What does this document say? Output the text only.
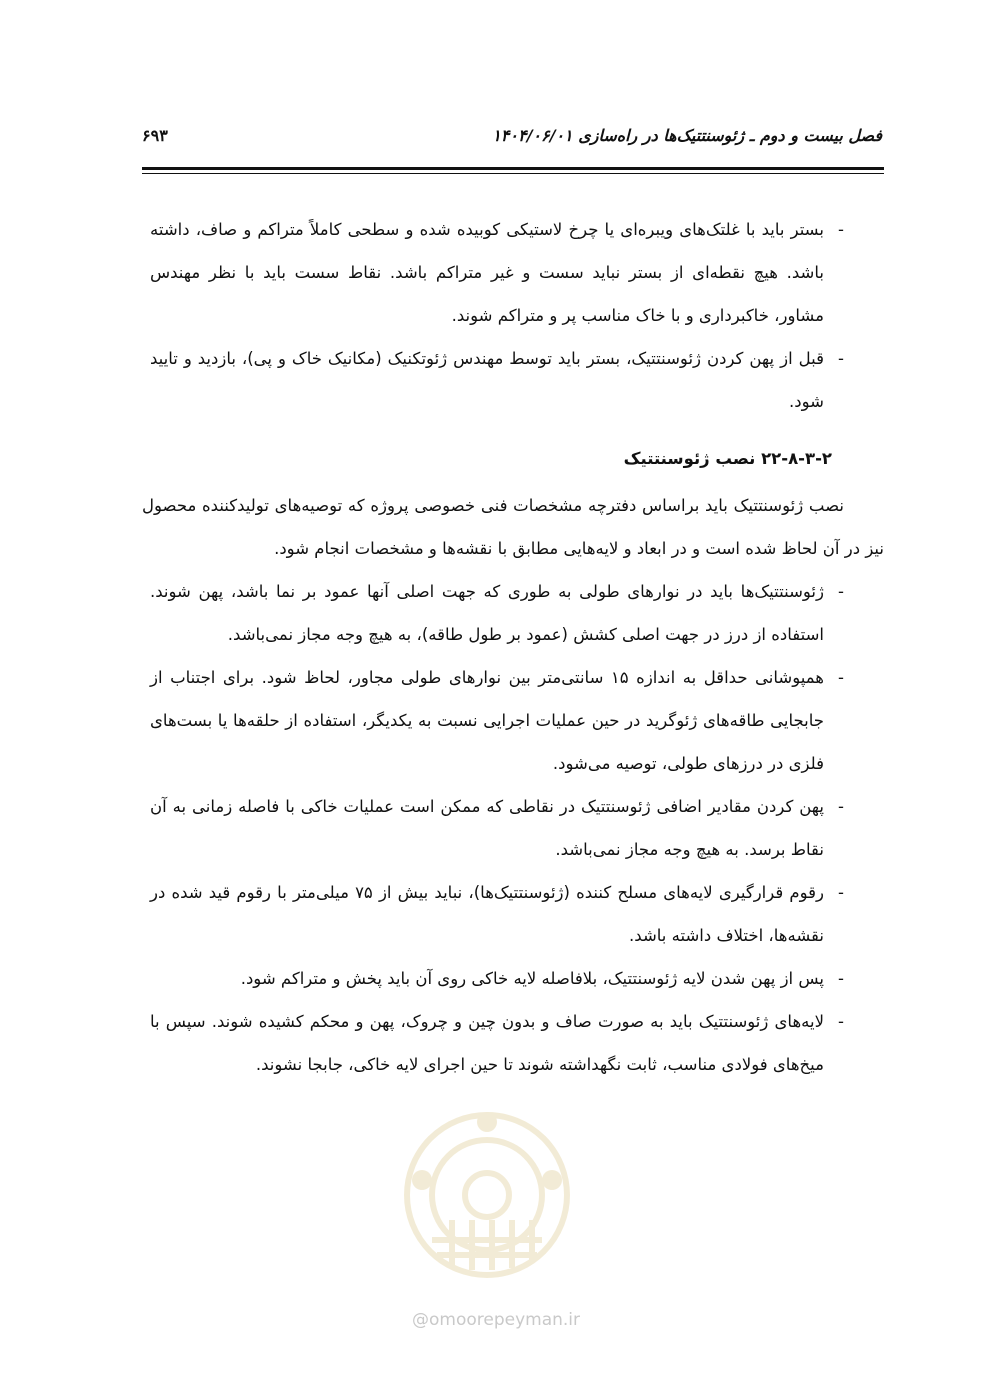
فصل بیست و دوم ـ ژئوسنتتیک‌ها در راه‌سازی ۱۴۰۴/۰۶/۰۱
۶۹۳
-
بستر باید با غلتک‌های ویبره‌ای یا چرخ لاستیکی کوبیده شده و سطحی کاملاً متراکم و صاف، داشته باشد. هیچ نقطه‌ای از بستر نباید سست و غیر متراکم باشد. نقاط سست باید با نظر مهندس مشاور، خاکبرداری و با خاک مناسب پر و متراکم شوند.
-
قبل از پهن کردن ژئوسنتتیک، بستر باید توسط مهندس ژئوتکنیک (مکانیک خاک و پی)، بازدید و تایید شود.
۲۲-۸-۳-۲ نصب ژئوسنتتیک
نصب ژئوسنتتیک باید براساس دفترچه مشخصات فنی خصوصی پروژه که توصیه‌های تولیدکننده محصول نیز در آن لحاظ شده است و در ابعاد و لایه‌هایی مطابق با نقشه‌ها و مشخصات انجام شود.
-
ژئوسنتتیک‌ها باید در نوارهای طولی به طوری که جهت اصلی آنها عمود بر نما باشد، پهن شوند. استفاده از درز در جهت اصلی کشش (عمود بر طول طاقه)، به هیچ وجه مجاز نمی‌باشد.
-
همپوشانی حداقل به اندازه ۱۵ سانتی‌متر بین نوارهای طولی مجاور، لحاظ شود. برای اجتناب از جابجایی طاقه‌های ژئوگرید در حین عملیات اجرایی نسبت به یکدیگر، استفاده از حلقه‌ها یا بست‌های فلزی در درزهای طولی، توصیه می‌شود.
-
پهن کردن مقادیر اضافی ژئوسنتتیک در نقاطی که ممکن است عملیات خاکی با فاصله زمانی به آن نقاط برسد. به هیچ وجه مجاز نمی‌باشد.
-
رقوم قرارگیری لایه‌های مسلح کننده (ژئوسنتتیک‌ها)، نباید بیش از ۷۵ میلی‌متر با رقوم قید شده در نقشه‌ها، اختلاف داشته باشد.
-
پس از پهن شدن لایه ژئوسنتتیک، بلافاصله لایه خاکی روی آن باید پخش و متراکم شود.
-
لایه‌های ژئوسنتتیک باید به صورت صاف و بدون چین و چروک، پهن و محکم کشیده شوند. سپس با میخ‌های فولادی مناسب، ثابت نگهداشته شوند تا حین اجرای لایه خاکی، جابجا نشوند.
@omoorepeyman.ir
